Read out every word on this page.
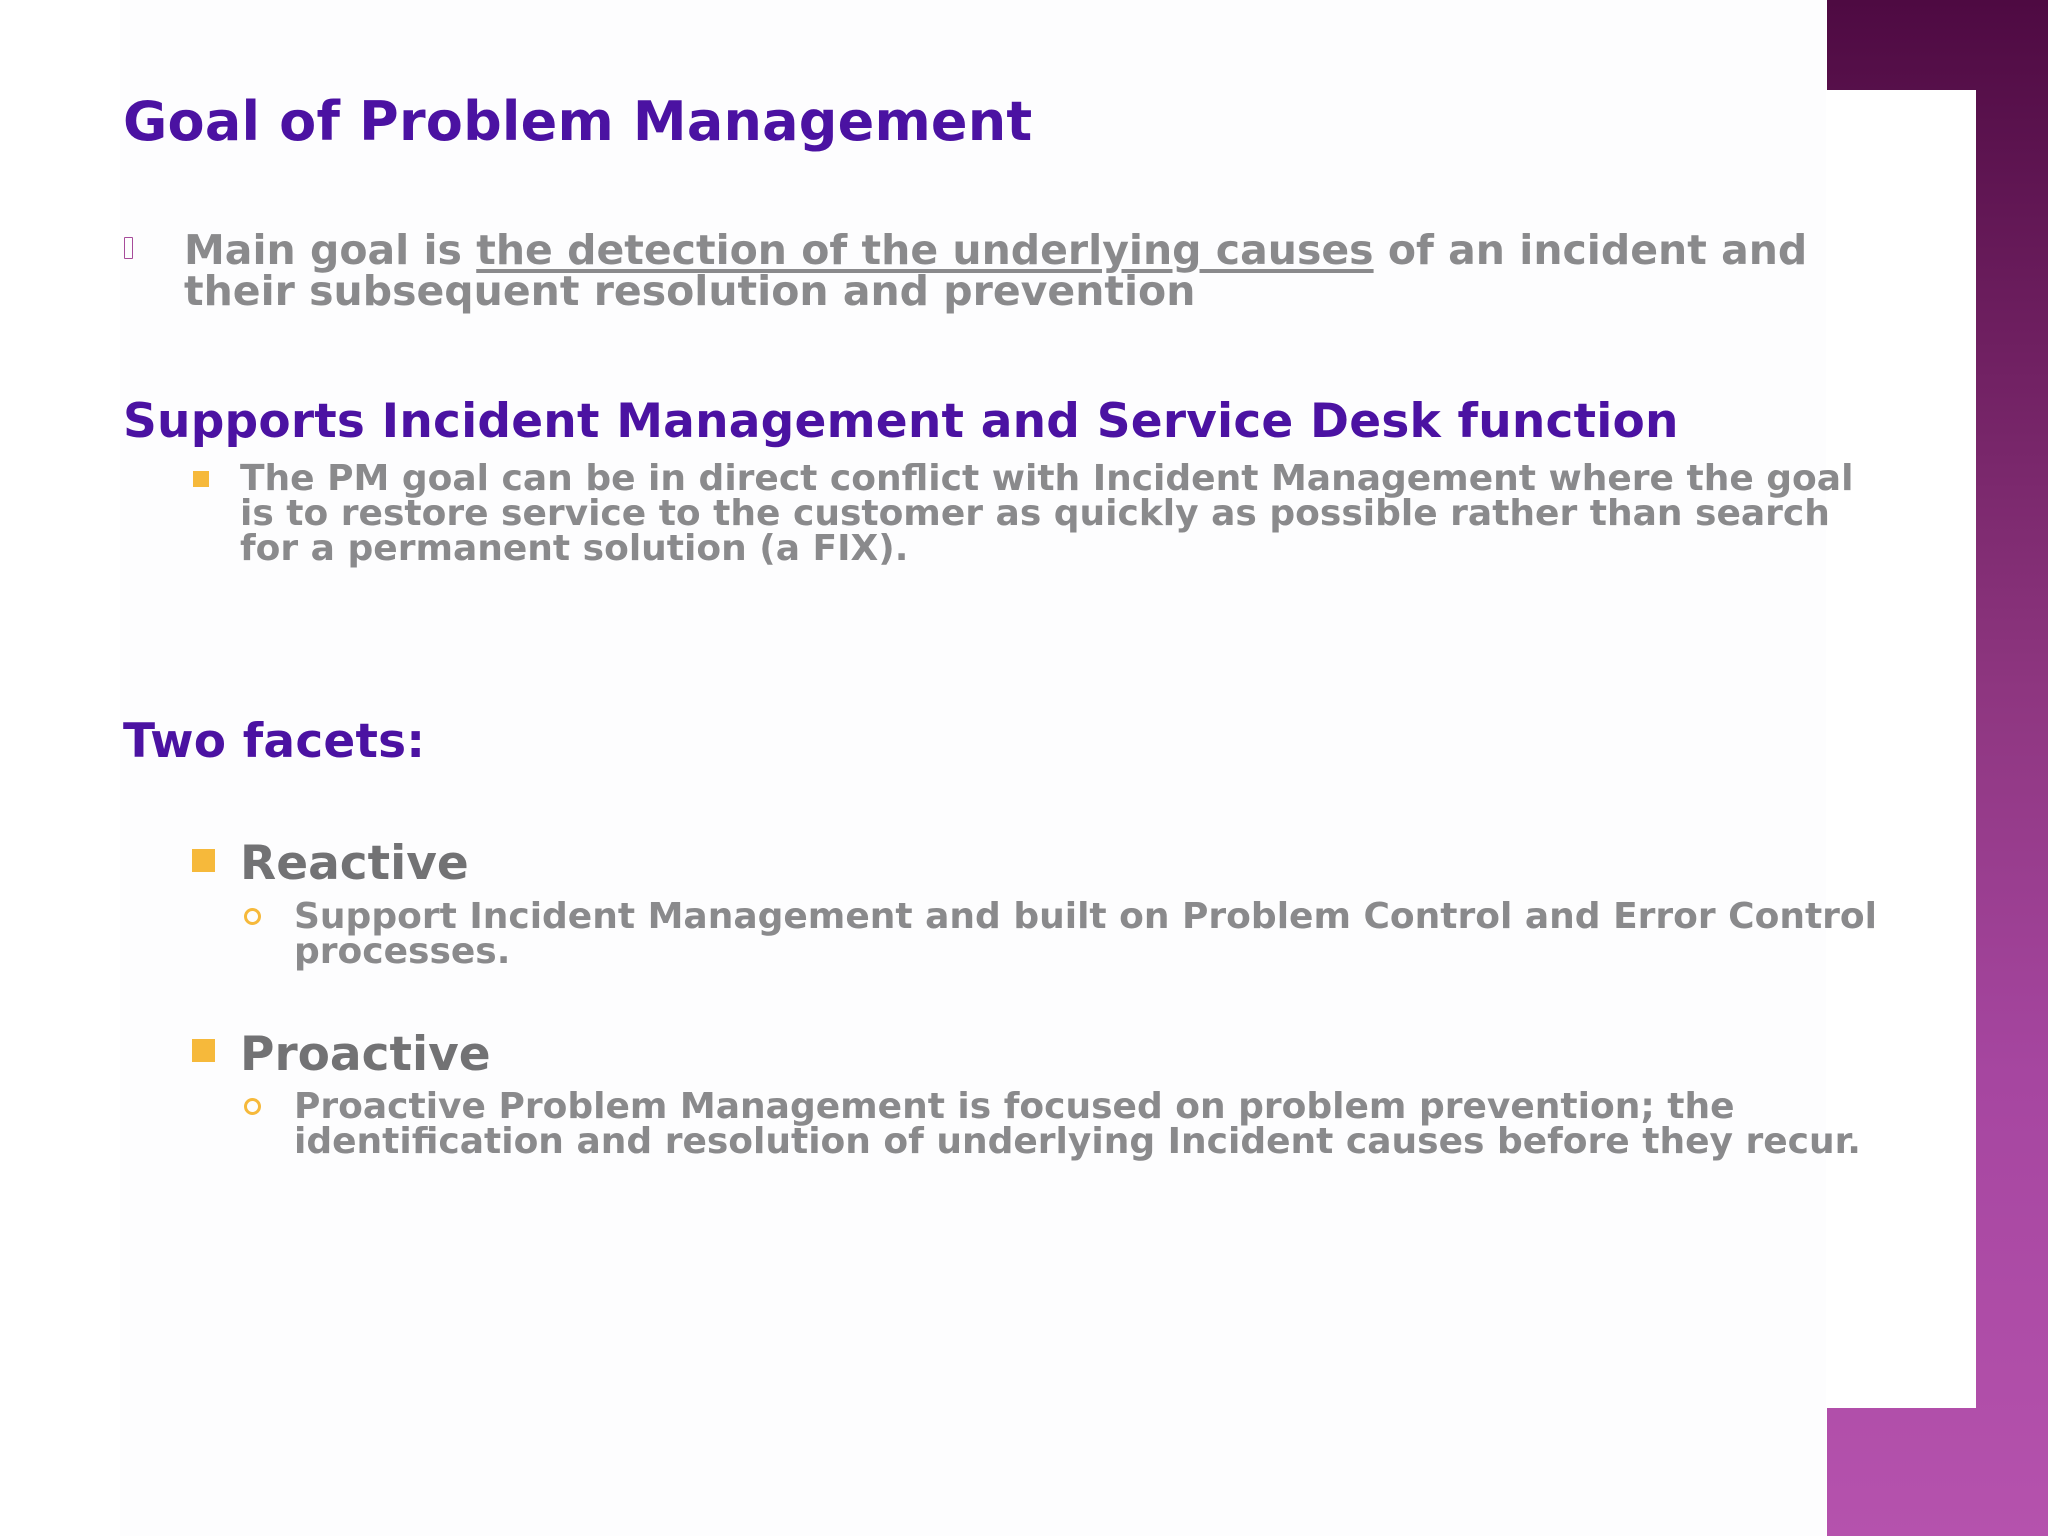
Goal of Problem Management

Main goal is the detection of the underlying causes of an incident and their subsequent resolution and prevention

Supports Incident Management and Service Desk function

The PM goal can be in direct conflict with Incident Management where the goal is to restore service to the customer as quickly as possible rather than search for a permanent solution (a FIX).

Two facets:

Reactive

Support Incident Management and built on Problem Control and Error Control processes.

Proactive

Proactive Problem Management is focused on problem prevention; the identification and resolution of underlying Incident causes before they recur.
